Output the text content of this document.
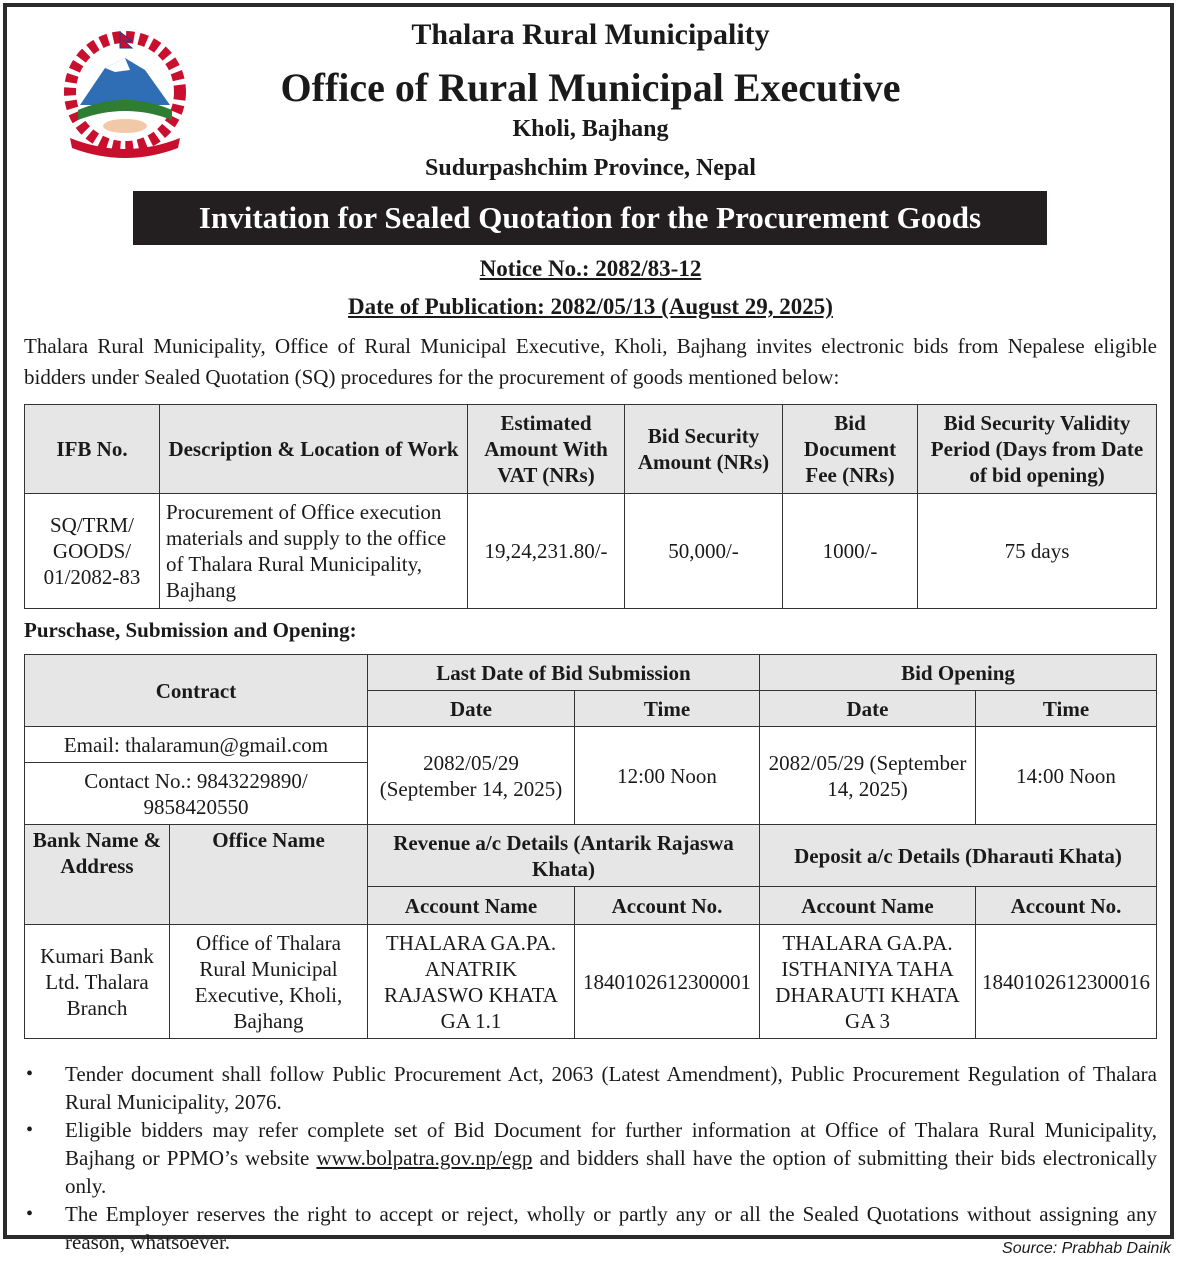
Thalara Rural Municipality
Office of Rural Municipal Executive
Kholi, Bajhang
Sudurpashchim Province, Nepal
Invitation for Sealed Quotation for the Procurement Goods
Notice No.: 2082/83-12
Date of Publication: 2082/05/13 (August 29, 2025)
Thalara Rural Municipality, Office of Rural Municipal Executive, Kholi, Bajhang invites electronic bids from Nepalese eligible bidders under Sealed Quotation (SQ) procedures for the procurement of goods mentioned below:
IFB No.	Description & Location of Work	Estimated Amount With VAT (NRs)	Bid Security Amount (NRs)	Bid Document Fee (NRs)	Bid Security Validity Period (Days from Date of bid opening)
SQ/TRM/ GOODS/ 01/2082-83	Procurement of Office execution materials and supply to the office of Thalara Rural Municipality, Bajhang	19,24,231.80/-	50,000/-	1000/-	75 days
Purschase, Submission and Opening:
Contract		Last Date of Bid Submission		Bid Opening	
		Date	Time	Date	Time
Email: thalaramun@gmail.com		2082/05/29 (September 14, 2025)	12:00 Noon	2082/05/29 (September 14, 2025)	14:00 Noon
Contact No.: 9843229890/ 9858420550					
Bank Name & Address	Office Name	Revenue a/c Details (Antarik Rajaswa Khata)		Deposit a/c Details (Dharauti Khata)	
		Account Name	Account No.	Account Name	Account No.
Kumari Bank Ltd. Thalara Branch	Office of Thalara Rural Municipal Executive, Kholi, Bajhang	THALARA GA.PA. ANATRIK RAJASWO KHATA GA 1.1	1840102612300001	THALARA GA.PA. ISTHANIYA TAHA DHARAUTI KHATA GA 3	1840102612300016
• Tender document shall follow Public Procurement Act, 2063 (Latest Amendment), Public Procurement Regulation of Thalara Rural Municipality, 2076.
• Eligible bidders may refer complete set of Bid Document for further information at Office of Thalara Rural Municipality, Bajhang or PPMO’s website www.bolpatra.gov.np/egp and bidders shall have the option of submitting their bids electronically only.
• The Employer reserves the right to accept or reject, wholly or partly any or all the Sealed Quotations without assigning any reason, whatsoever.	Source: Prabhab Dainik
